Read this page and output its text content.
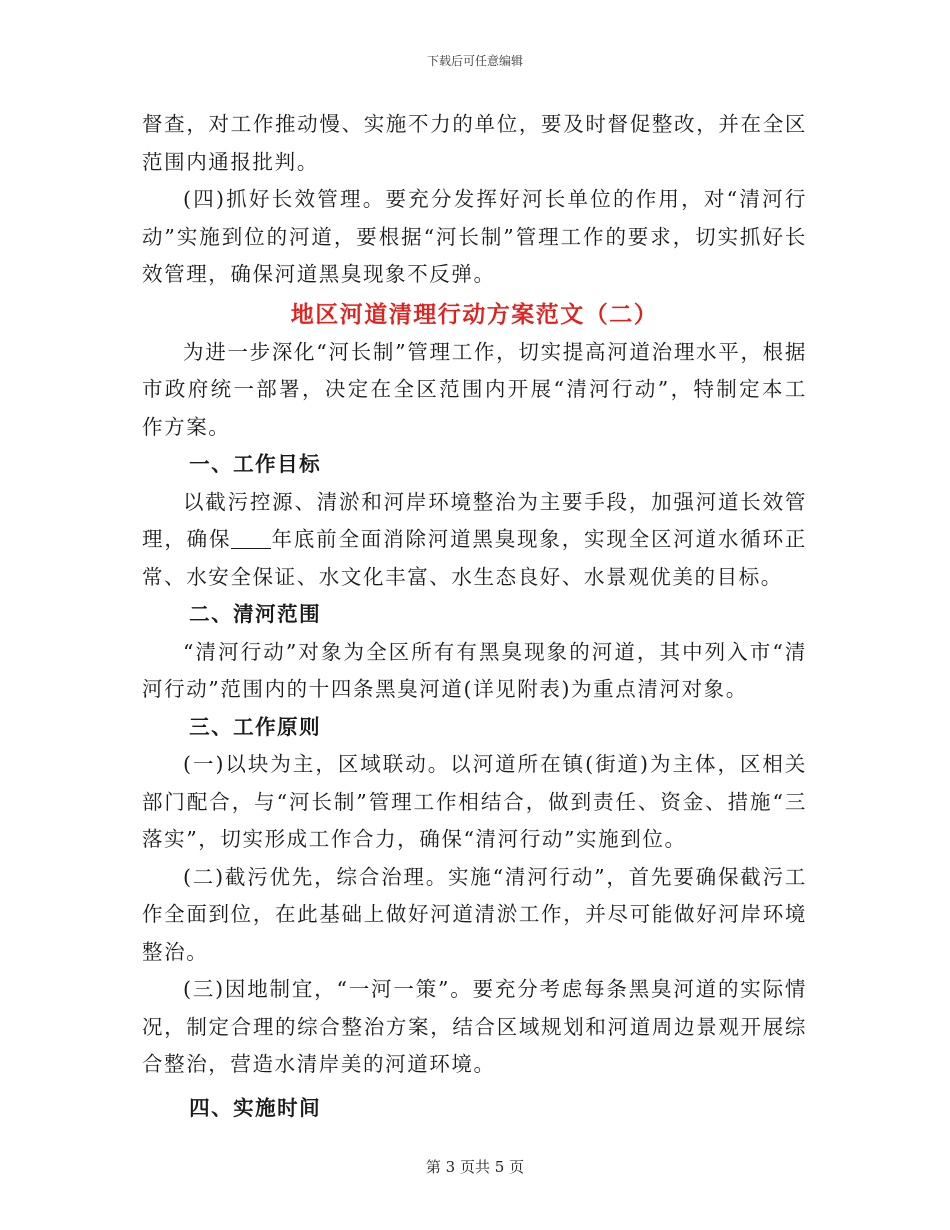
下载后可任意编辑

督查，对工作推动慢、实施不力的单位，要及时督促整改，并在全区范围内通报批判。

(四)抓好长效管理。要充分发挥好河长单位的作用，对“清河行动”实施到位的河道，要根据“河长制”管理工作的要求，切实抓好长效管理，确保河道黑臭现象不反弹。

地区河道清理行动方案范文（二）

为进一步深化“河长制”管理工作，切实提高河道治理水平，根据市政府统一部署，决定在全区范围内开展“清河行动”，特制定本工作方案。

一、工作目标

以截污控源、清淤和河岸环境整治为主要手段，加强河道长效管理，确保 年底前全面消除河道黑臭现象，实现全区河道水循环正常、水安全保证、水文化丰富、水生态良好、水景观优美的目标。

二、清河范围

“清河行动”对象为全区所有有黑臭现象的河道，其中列入市“清河行动”范围内的十四条黑臭河道(详见附表)为重点清河对象。

三、工作原则

(一)以块为主，区域联动。以河道所在镇(街道)为主体，区相关部门配合，与“河长制”管理工作相结合，做到责任、资金、措施“三落实”，切实形成工作合力，确保“清河行动”实施到位。

(二)截污优先，综合治理。实施“清河行动”，首先要确保截污工作全面到位，在此基础上做好河道清淤工作，并尽可能做好河岸环境整治。

(三)因地制宜，“一河一策”。要充分考虑每条黑臭河道的实际情况，制定合理的综合整治方案，结合区域规划和河道周边景观开展综合整治，营造水清岸美的河道环境。

四、实施时间
第 3 页共 5 页
